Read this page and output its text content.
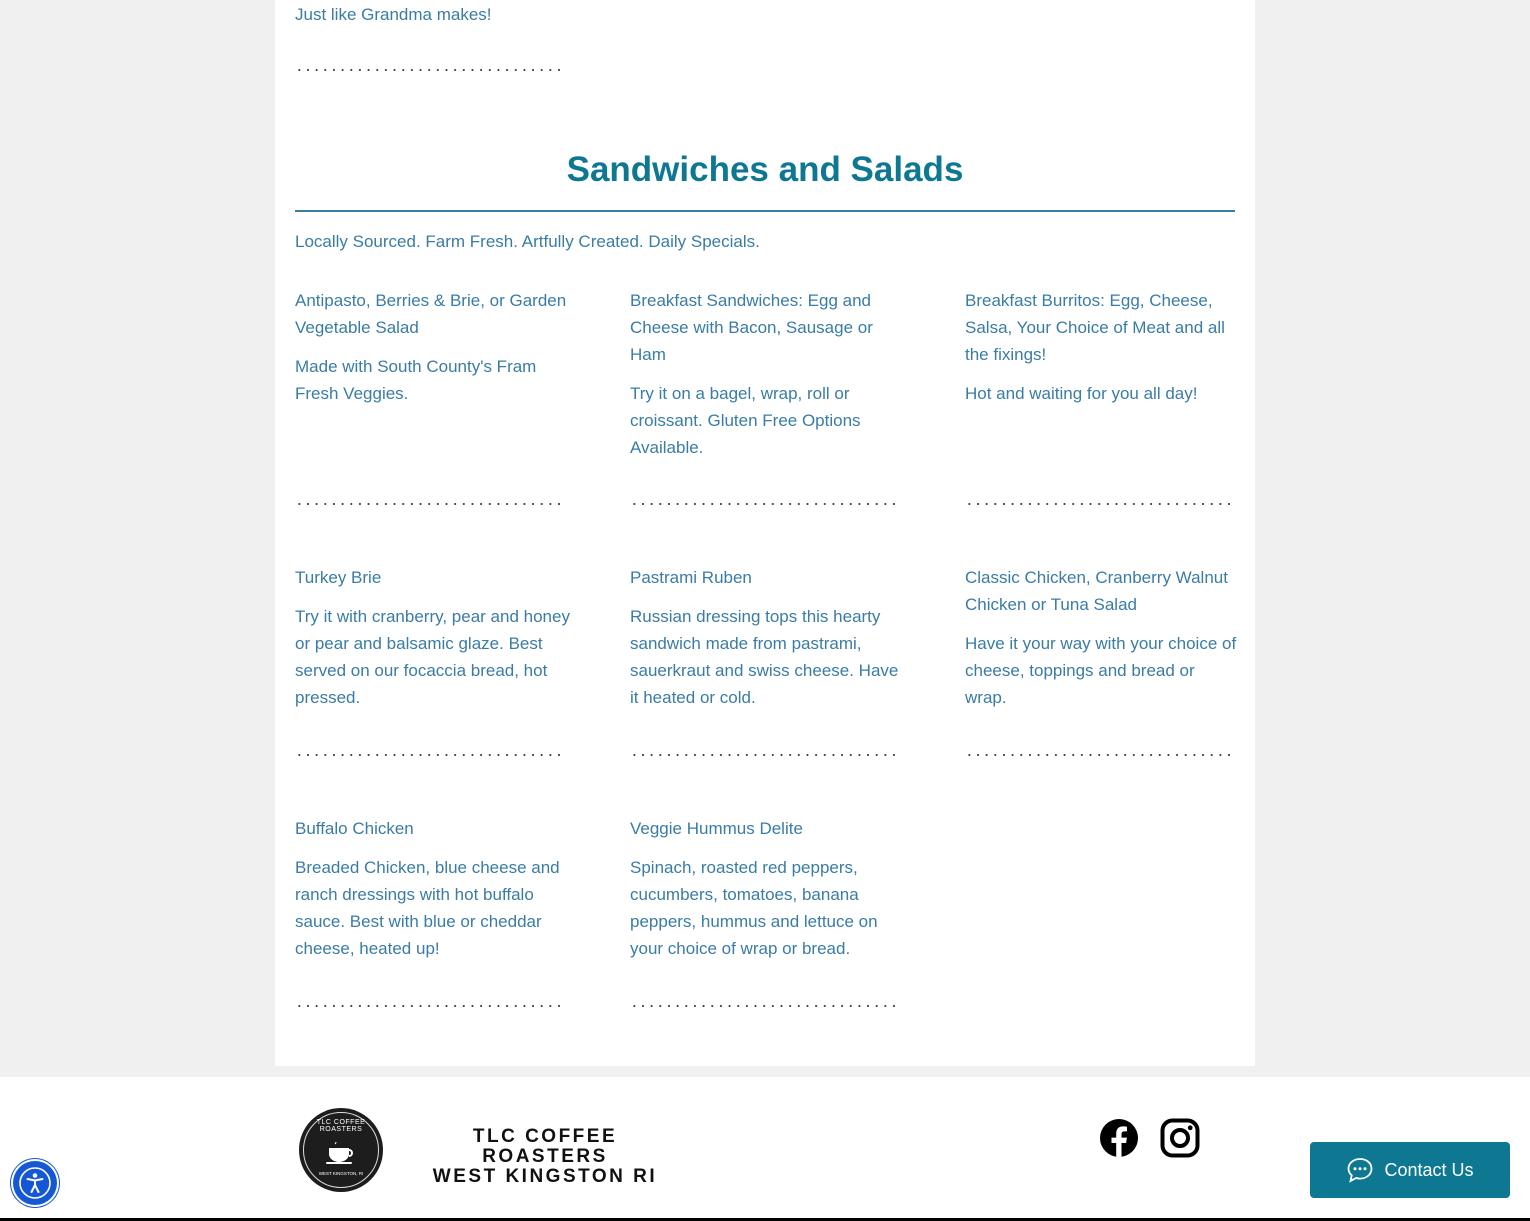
Just like Grandma makes!

Sandwiches and Salads

Locally Sourced. Farm Fresh. Artfully Created. Daily Specials.

Antipasto, Berries & Brie, or Garden Vegetable Salad

Made with South County's Fram Fresh Veggies.

Breakfast Sandwiches: Egg and Cheese with Bacon, Sausage or Ham

Try it on a bagel, wrap, roll or croissant. Gluten Free Options Available.

Breakfast Burritos: Egg, Cheese, Salsa, Your Choice of Meat and all the fixings!

Hot and waiting for you all day!

Turkey Brie

Try it with cranberry, pear and honey or pear and balsamic glaze. Best served on our focaccia bread, hot pressed.

Pastrami Ruben

Russian dressing tops this hearty sandwich made from pastrami, sauerkraut and swiss cheese. Have it heated or cold.

Classic Chicken, Cranberry Walnut Chicken or Tuna Salad

Have it your way with your choice of cheese, toppings and bread or wrap.

Buffalo Chicken

Breaded Chicken, blue cheese and ranch dressings with hot buffalo sauce. Best with blue or cheddar cheese, heated up!

Veggie Hummus Delite

Spinach, roasted red peppers, cucumbers, tomatoes, banana peppers, hummus and lettuce on your choice of wrap or bread.

TLC COFFEE ROASTERS
WEST KINGSTON, RI
TLC COFFEE ROASTERS
WEST KINGSTON RI	Contact Us
